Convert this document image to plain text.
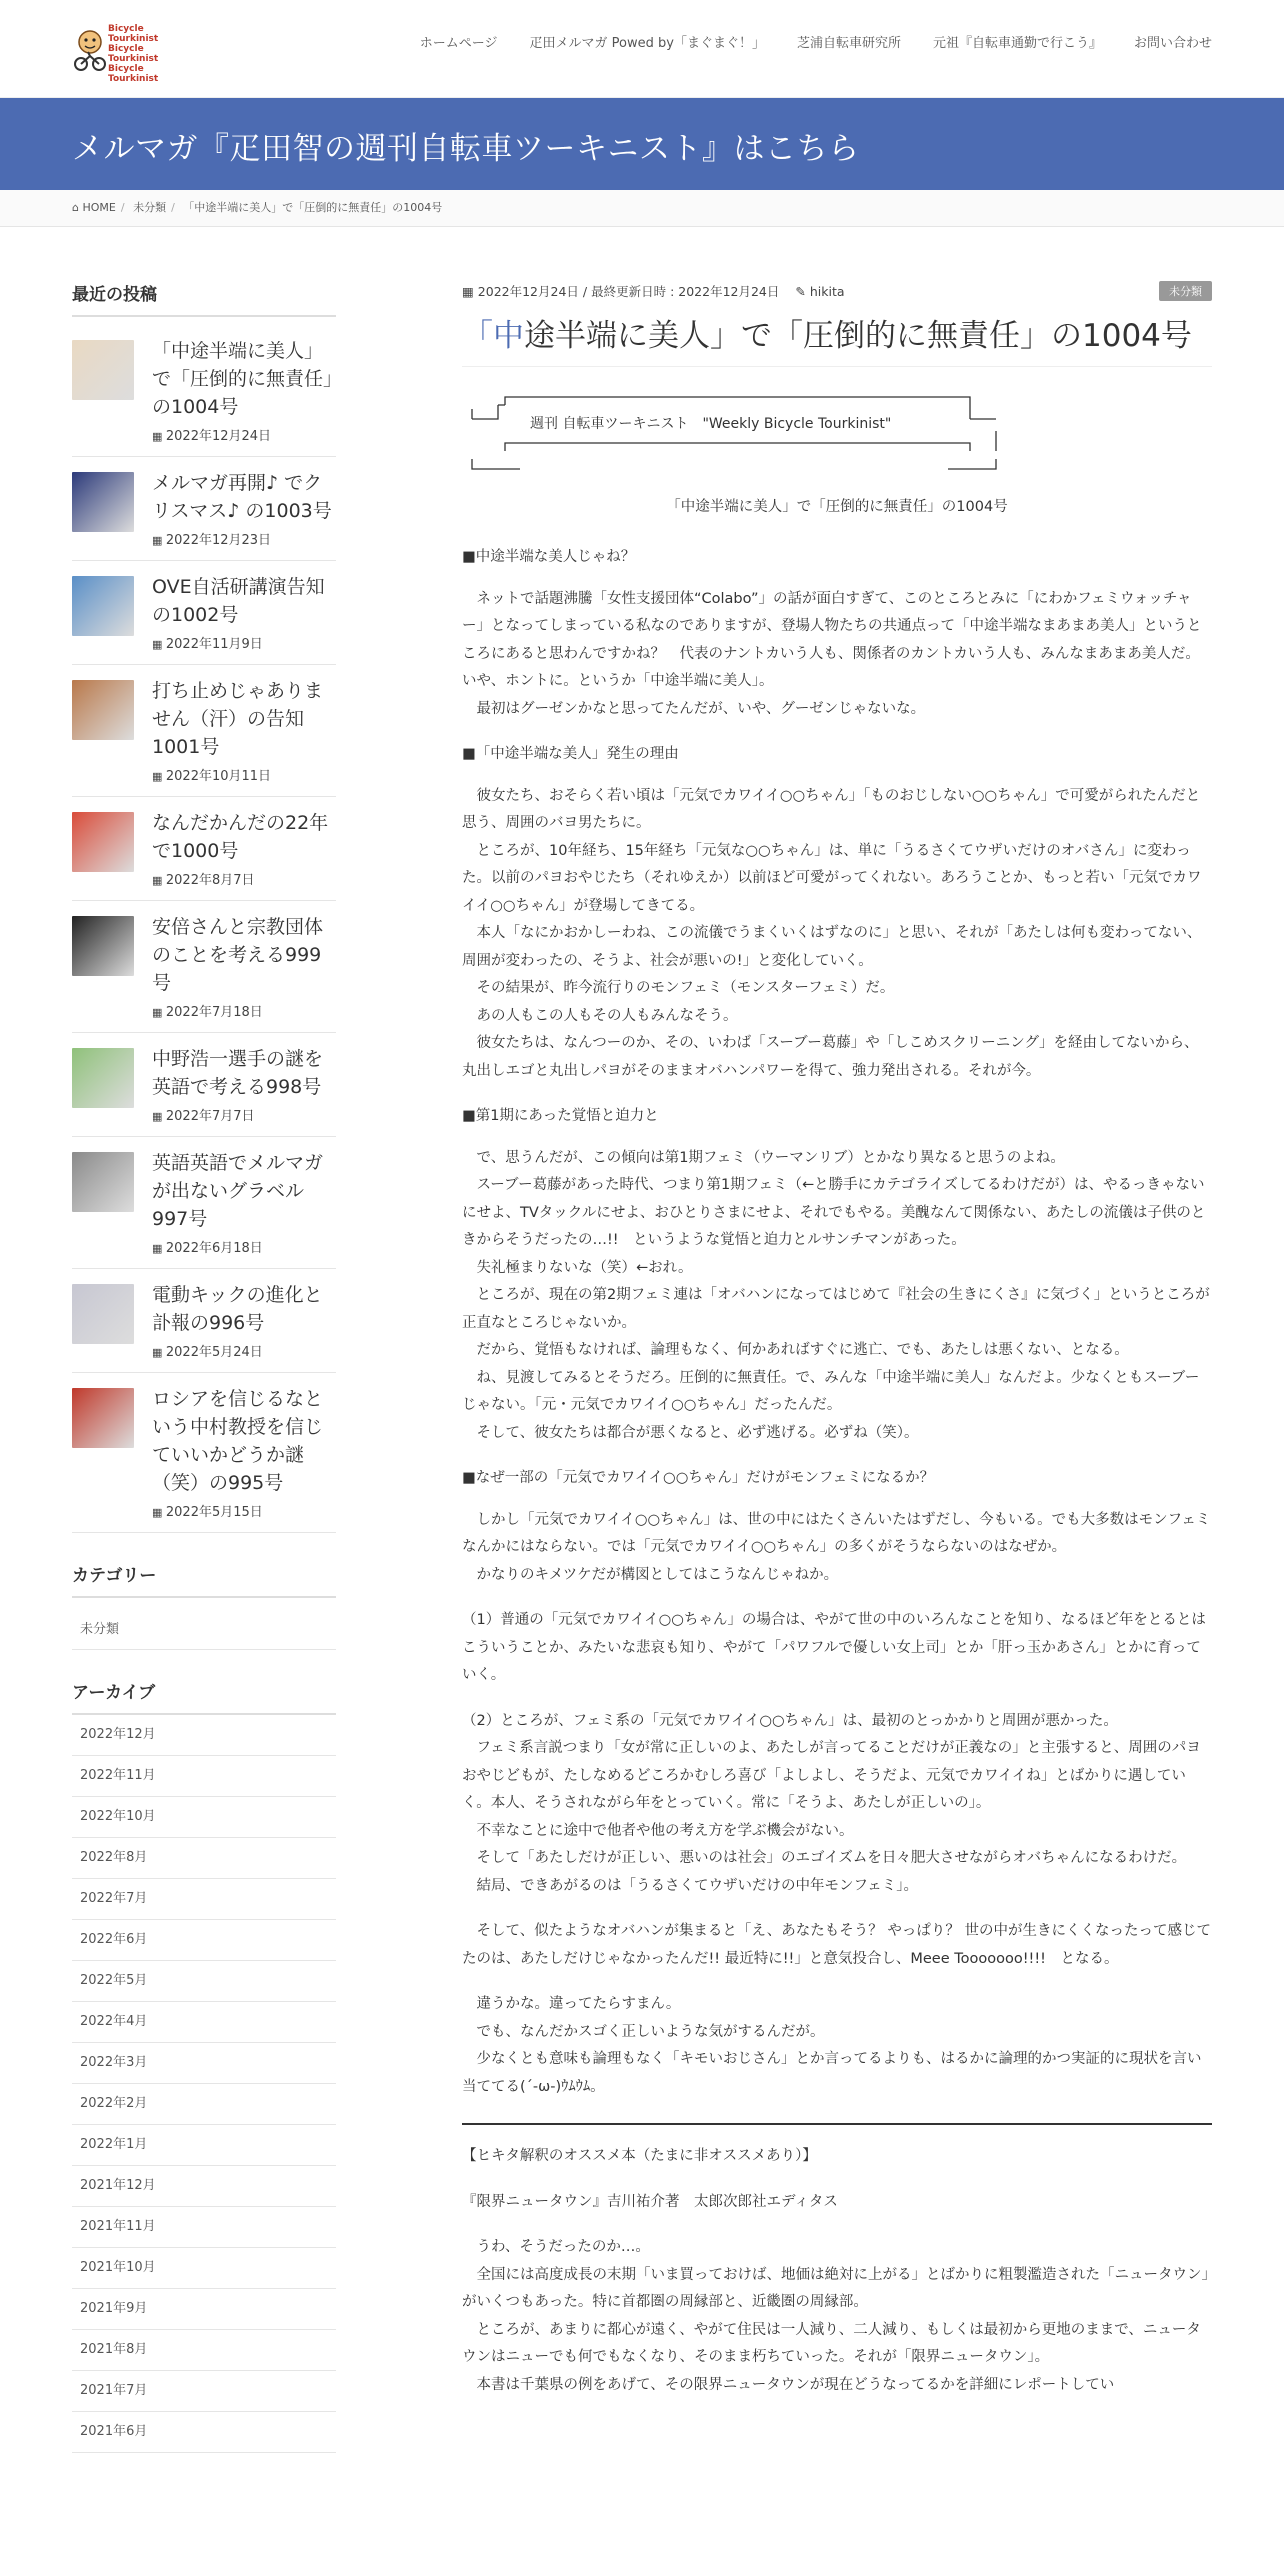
Bicycle
Tourkinist
Bicycle
Tourkinist
Bicycle
Tourkinist
ホームページ 疋田メルマガ Powed by「まぐまぐ！」 芝浦自転車研究所 元祖『自転車通勤で行こう』 お問い合わせ
メルマガ『疋田智の週刊自転車ツーキニスト』はこちら
⌂ HOME / 未分類 / 「中途半端に美人」で「圧倒的に無責任」の1004号
最近の投稿
「中途半端に美人」で「圧倒的に無責任」の1004号
▦ 2022年12月24日
メルマガ再開♪ でクリスマス♪ の1003号
▦ 2022年12月23日
OVE自活研講演告知の1002号
▦ 2022年11月9日
打ち止めじゃありません（汗）の告知1001号
▦ 2022年10月11日
なんだかんだの22年で1000号
▦ 2022年8月7日
安倍さんと宗教団体のことを考える999号
▦ 2022年7月18日
中野浩一選手の謎を英語で考える998号
▦ 2022年7月7日
英語英語でメルマガが出ないグラベル997号
▦ 2022年6月18日
電動キックの進化と訃報の996号
▦ 2022年5月24日
ロシアを信じるなという中村教授を信じていいかどうか謎（笑）の995号
▦ 2022年5月15日
カテゴリー
未分類
アーカイブ
2022年12月
2022年11月
2022年10月
2022年8月
2022年7月
2022年6月
2022年5月
2022年4月
2022年3月
2022年2月
2022年1月
2021年12月
2021年11月
2021年10月
2021年9月
2021年8月
2021年7月
2021年6月
▦ 2022年12月24日 / 最終更新日時 :
2022年12月24日 ✎ hikita	未分類
「中途半端に美人」で「圧倒的に無責任」の1004号
週刊 自転車ツーキニスト　"Weekly Bicycle Tourkinist"
「中途半端に美人」で「圧倒的に無責任」の1004号

■中途半端な美人じゃね？

　ネットで話題沸騰「女性支援団体“Colabo”」の話が面白すぎて、このところとみに「にわかフェミウォッチャー」となってしまっている私なのでありますが、登場人物たちの共通点って「中途半端なまあまあ美人」というところにあると思わんですかね？　代表のナントカいう人も、関係者のカントカいう人も、みんなまあまあ美人だ。いや、ホントに。というか「中途半端に美人」。

　最初はグーゼンかなと思ってたんだが、いや、グーゼンじゃないな。

■「中途半端な美人」発生の理由

　彼女たち、おそらく若い頃は「元気でカワイイ○○ちゃん」「ものおじしない○○ちゃん」で可愛がられたんだと思う、周囲のバヨ男たちに。

　ところが、10年経ち、15年経ち「元気な○○ちゃん」は、単に「うるさくてウザいだけのオバさん」に変わった。以前のパヨおやじたち（それゆえか）以前ほど可愛がってくれない。あろうことか、もっと若い「元気でカワイイ○○ちゃん」が登場してきてる。

　本人「なにかおかしーわね、この流儀でうまくいくはずなのに」と思い、それが「あたしは何も変わってない、周囲が変わったの、そうよ、社会が悪いの!」と変化していく。

　その結果が、昨今流行りのモンフェミ（モンスターフェミ）だ。

　あの人もこの人もその人もみんなそう。

　彼女たちは、なんつーのか、その、いわば「スーブー葛藤」や「しこめスクリーニング」を経由してないから、丸出しエゴと丸出しパヨがそのままオバハンパワーを得て、強力発出される。それが今。

■第1期にあった覚悟と迫力と

　で、思うんだが、この傾向は第1期フェミ（ウーマンリブ）とかなり異なると思うのよね。

　スーブー葛藤があった時代、つまり第1期フェミ（←と勝手にカテゴライズしてるわけだが）は、やるっきゃないにせよ、TVタックルにせよ、おひとりさまにせよ、それでもやる。美醜なんて関係ない、あたしの流儀は子供のときからそうだったの…!!　というような覚悟と迫力とルサンチマンがあった。

　失礼極まりないな（笑）←おれ。

　ところが、現在の第2期フェミ連は「オバハンになってはじめて『社会の生きにくさ』に気づく」というところが正直なところじゃないか。

　だから、覚悟もなければ、論理もなく、何かあればすぐに逃亡、でも、あたしは悪くない、となる。

　ね、見渡してみるとそうだろ。圧倒的に無責任。で、みんな「中途半端に美人」なんだよ。少なくともスーブーじゃない。「元・元気でカワイイ○○ちゃん」だったんだ。

　そして、彼女たちは都合が悪くなると、必ず逃げる。必ずね（笑）。

■なぜ一部の「元気でカワイイ○○ちゃん」だけがモンフェミになるか？

　しかし「元気でカワイイ○○ちゃん」は、世の中にはたくさんいたはずだし、今もいる。でも大多数はモンフェミなんかにはならない。では「元気でカワイイ○○ちゃん」の多くがそうならないのはなぜか。

　かなりのキメツケだが構図としてはこうなんじゃねか。

（1）普通の「元気でカワイイ○○ちゃん」の場合は、やがて世の中のいろんなことを知り、なるほど年をとるとはこういうことか、みたいな悲哀も知り、やがて「パワフルで優しい女上司」とか「肝っ玉かあさん」とかに育っていく。

（2）ところが、フェミ系の「元気でカワイイ○○ちゃん」は、最初のとっかかりと周囲が悪かった。

　フェミ系言説つまり「女が常に正しいのよ、あたしが言ってることだけが正義なの」と主張すると、周囲のパヨおやじどもが、たしなめるどころかむしろ喜び「よしよし、そうだよ、元気でカワイイね」とばかりに遇していく。本人、そうされながら年をとっていく。常に「そうよ、あたしが正しいの」。

　不幸なことに途中で他者や他の考え方を学ぶ機会がない。

　そして「あたしだけが正しい、悪いのは社会」のエゴイズムを日々肥大させながらオバちゃんになるわけだ。

　結局、できあがるのは「うるさくてウザいだけの中年モンフェミ」。

　そして、似たようなオバハンが集まると「え、あなたもそう？ やっぱり？ 世の中が生きにくくなったって感じてたのは、あたしだけじゃなかったんだ!! 最近特に!!」と意気投合し、Meee Tooooooo!!!!　となる。

　違うかな。違ってたらすまん。

　でも、なんだかスゴく正しいような気がするんだが。

　少なくとも意味も論理もなく「キモいおじさん」とか言ってるよりも、はるかに論理的かつ実証的に現状を言い当ててる(´-ω-)ｳﾑｳﾑ。

【ヒキタ解釈のオススメ本（たまに非オススメあり）】

『限界ニュータウン』吉川祐介著　太郎次郎社エディタス

　うわ、そうだったのか…。

　全国には高度成長の末期「いま買っておけば、地価は絶対に上がる」とばかりに粗製濫造された「ニュータウン」がいくつもあった。特に首都圏の周縁部と、近畿圏の周縁部。

　ところが、あまりに都心が遠く、やがて住民は一人減り、二人減り、もしくは最初から更地のままで、ニュータウンはニューでも何でもなくなり、そのまま朽ちていった。それが「限界ニュータウン」。

　本書は千葉県の例をあげて、その限界ニュータウンが現在どうなってるかを詳細にレポートしてい
